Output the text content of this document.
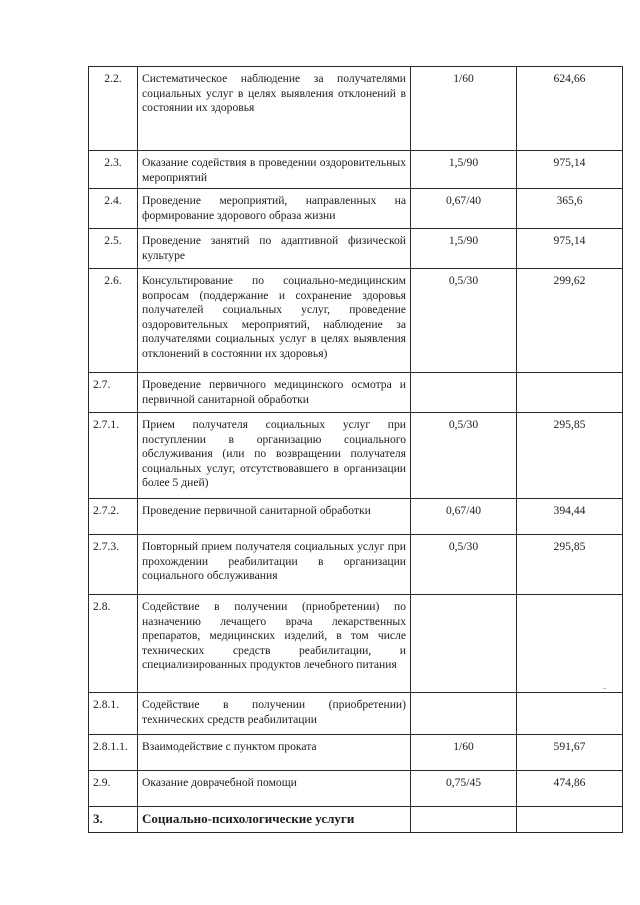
2.2.	Систематическое наблюдение за получателями социальных услуг в целях выявления отклонений в состоянии их здоровья	1/60	624,66
2.3.	Оказание содействия в проведении оздоровительных мероприятий	1,5/90	975,14
2.4.	Проведение мероприятий, направленных на формирование здорового образа жизни	0,67/40	365,6
2.5.	Проведение занятий по адаптивной физической культуре	1,5/90	975,14
2.6.	Консультирование по социально-медицинским вопросам (поддержание и сохранение здоровья получателей социальных услуг, проведение оздоровительных мероприятий, наблюдение за получателями социальных услуг в целях выявления отклонений в состоянии их здоровья)	0,5/30	299,62
2.7.	Проведение первичного медицинского осмотра и первичной санитарной обработки		
2.7.1.	Прием получателя социальных услуг при поступлении в организацию социального обслуживания (или по возвращении получателя социальных услуг, отсутствовавшего в организации более 5 дней)	0,5/30	295,85
2.7.2.	Проведение первичной санитарной обработки	0,67/40	394,44
2.7.3.	Повторный прием получателя социальных услуг при прохождении реабилитации в организации социального обслуживания	0,5/30	295,85
2.8.	Содействие в получении (приобретении) по назначению лечащего врача лекарственных препаратов, медицинских изделий, в том числе технических средств реабилитации, и специализированных продуктов лечебного питания		
2.8.1.	Содействие в получении (приобретении) технических средств реабилитации		
2.8.1.1.	Взаимодействие с пунктом проката	1/60	591,67
2.9.	Оказание доврачебной помощи	0,75/45	474,86
3.	Социально-психологические услуги		
